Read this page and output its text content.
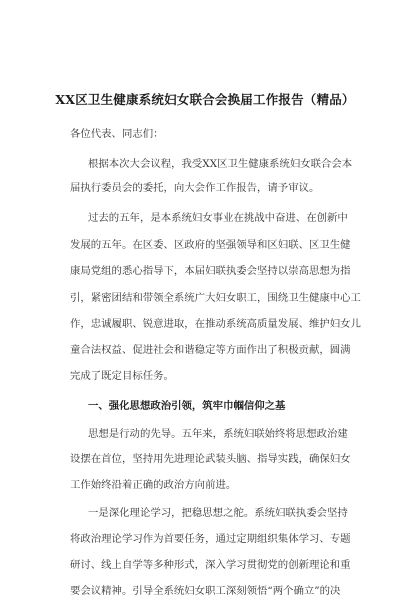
XX区卫生健康系统妇女联合会换届工作报告（精品）
各位代表、同志们：
根据本次大会议程，我受XX区卫生健康系统妇女联合会本
届执行委员会的委托，向大会作工作报告，请予审议。
过去的五年，是本系统妇女事业在挑战中奋进、在创新中
发展的五年。在区委、区政府的坚强领导和区妇联、区卫生健
康局党组的悉心指导下，本届妇联执委会坚持以崇高思想为指
引，紧密团结和带领全系统广大妇女职工，围绕卫生健康中心工
作，忠诚履职、锐意进取，在推动系统高质量发展、维护妇女儿
童合法权益、促进社会和谐稳定等方面作出了积极贡献，圆满
完成了既定目标任务。
一、强化思想政治引领，筑牢巾帼信仰之基
思想是行动的先导。五年来，系统妇联始终将思想政治建
设摆在首位，坚持用先进理论武装头脑、指导实践，确保妇女
工作始终沿着正确的政治方向前进。
一是深化理论学习，把稳思想之舵。系统妇联执委会坚持
将政治理论学习作为首要任务，通过定期组织集体学习、专题
研讨、线上自学等多种形式，深入学习贯彻党的创新理论和重
要会议精神。引导全系统妇女职工深刻领悟“两个确立”的决
